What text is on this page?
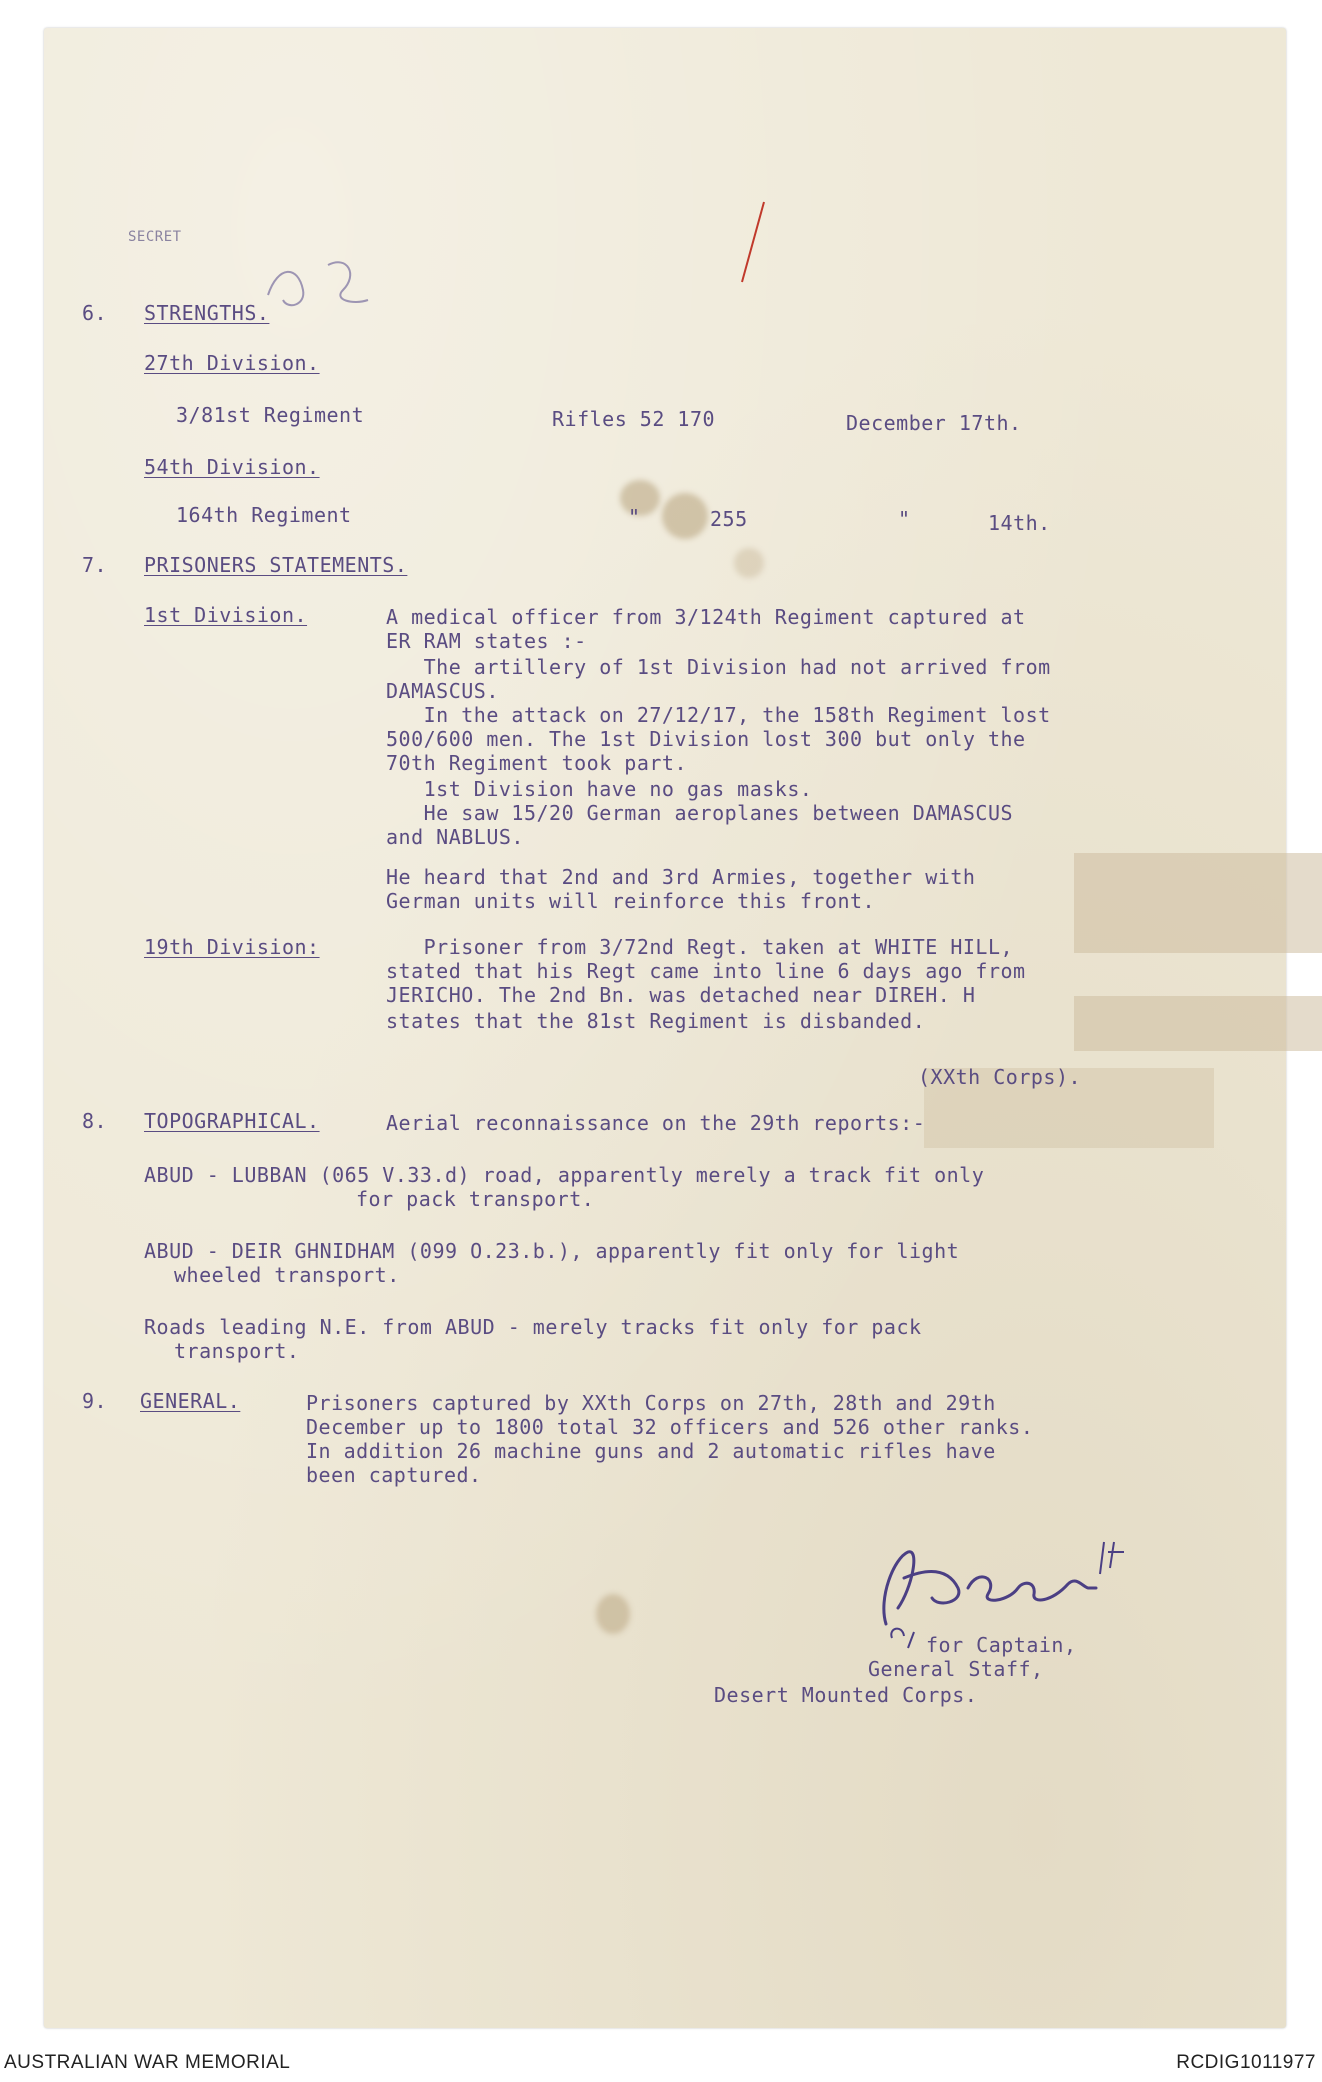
SECRET
6. STRENGTHS.
27th Division.
3/81st Regiment	Rifles 52 170	December 17th.
54th Division.
164th Regiment	"	255	"	14th.
7. PRISONERS STATEMENTS.
1st Division.	A medical officer from 3/124th Regiment captured at
ER RAM states :-
The artillery of 1st Division had not arrived from
DAMASCUS.
In the attack on 27/12/17, the 158th Regiment lost
500/600 men. The 1st Division lost 300 but only the
70th Regiment took part.
1st Division have no gas masks.
He saw 15/20 German aeroplanes between DAMASCUS
and NABLUS.
He heard that 2nd and 3rd Armies, together with
German units will reinforce this front.
19th Division:	Prisoner from 3/72nd Regt. taken at WHITE HILL,
stated that his Regt came into line 6 days ago from
JERICHO. The 2nd Bn. was detached near DIREH. H
states that the 81st Regiment is disbanded.
(XXth Corps).
8. TOPOGRAPHICAL.	Aerial reconnaissance on the 29th reports:-
ABUD - LUBBAN (065 V.33.d) road, apparently merely a track fit only
for pack transport.
ABUD - DEIR GHNIDHAM (099 O.23.b.), apparently fit only for light
wheeled transport.
Roads leading N.E. from ABUD - merely tracks fit only for pack
transport.
9. GENERAL.	Prisoners captured by XXth Corps on 27th, 28th and 29th
December up to 1800 total 32 officers and 526 other ranks.
In addition 26 machine guns and 2 automatic rifles have
been captured.
for Captain,
General Staff,
Desert Mounted Corps.
AUSTRALIAN WAR MEMORIAL	RCDIG1011977
